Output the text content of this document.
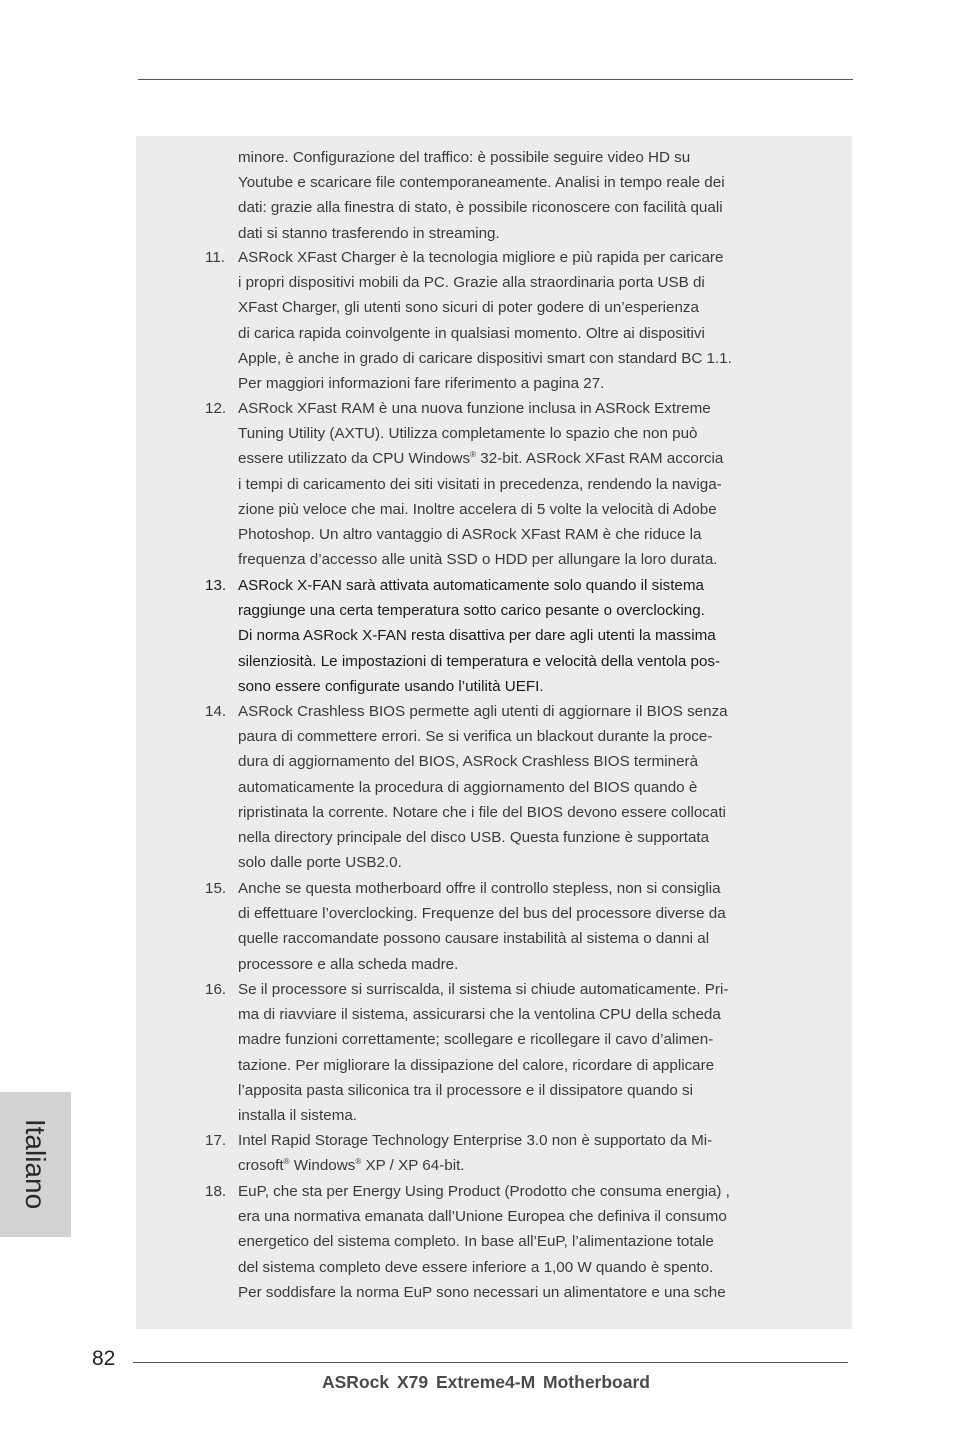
minore. Configurazione del traffico: è possibile seguire video HD su
Youtube e scaricare file contemporaneamente. Analisi in tempo reale dei
dati: grazie alla finestra di stato, è possibile riconoscere con facilità quali
dati si stanno trasferendo in streaming.
11. ASRock XFast Charger è la tecnologia migliore e più rapida per caricare
i propri dispositivi mobili da PC. Grazie alla straordinaria porta USB di
XFast Charger, gli utenti sono sicuri di poter godere di un’esperienza
di carica rapida coinvolgente in qualsiasi momento. Oltre ai dispositivi
Apple, è anche in grado di caricare dispositivi smart con standard BC 1.1.
Per maggiori informazioni fare riferimento a pagina 27.
12. ASRock XFast RAM è una nuova funzione inclusa in ASRock Extreme
Tuning Utility (AXTU). Utilizza completamente lo spazio che non può
essere utilizzato da CPU Windows® 32-bit. ASRock XFast RAM accorcia
i tempi di caricamento dei siti visitati in precedenza, rendendo la naviga-
zione più veloce che mai. Inoltre accelera di 5 volte la velocità di Adobe
Photoshop. Un altro vantaggio di ASRock XFast RAM è che riduce la
frequenza d’accesso alle unità SSD o HDD per allungare la loro durata.
13. ASRock X-FAN sarà attivata automaticamente solo quando il sistema
raggiunge una certa temperatura sotto carico pesante o overclocking.
Di norma ASRock X-FAN resta disattiva per dare agli utenti la massima
silenziosità. Le impostazioni di temperatura e velocità della ventola pos-
sono essere configurate usando l’utilità UEFI.
14. ASRock Crashless BIOS permette agli utenti di aggiornare il BIOS senza
paura di commettere errori. Se si verifica un blackout durante la proce-
dura di aggiornamento del BIOS, ASRock Crashless BIOS terminerà
automaticamente la procedura di aggiornamento del BIOS quando è
ripristinata la corrente. Notare che i file del BIOS devono essere collocati
nella directory principale del disco USB. Questa funzione è supportata
solo dalle porte USB2.0.
15. Anche se questa motherboard offre il controllo stepless, non si consiglia
di effettuare l’overclocking. Frequenze del bus del processore diverse da
quelle raccomandate possono causare instabilità al sistema o danni al
processore e alla scheda madre.
16. Se il processore si surriscalda, il sistema si chiude automaticamente. Pri-
ma di riavviare il sistema, assicurarsi che la ventolina CPU della scheda
madre funzioni correttamente; scollegare e ricollegare il cavo d’alimen-
tazione. Per migliorare la dissipazione del calore, ricordare di applicare
l’apposita pasta siliconica tra il processore e il dissipatore quando si
installa il sistema.
17. Intel Rapid Storage Technology Enterprise 3.0 non è supportato da Mi-
crosoft® Windows® XP / XP 64-bit.
18. EuP, che sta per Energy Using Product (Prodotto che consuma energia) ,
era una normativa emanata dall’Unione Europea che definiva il consumo
energetico del sistema completo. In base all’EuP, l’alimentazione totale
del sistema completo deve essere inferiore a 1,00 W quando è spento.
Per soddisfare la norma EuP sono necessari un alimentatore e una sche
Italiano
82
ASRock X79 Extreme4-M Motherboard
